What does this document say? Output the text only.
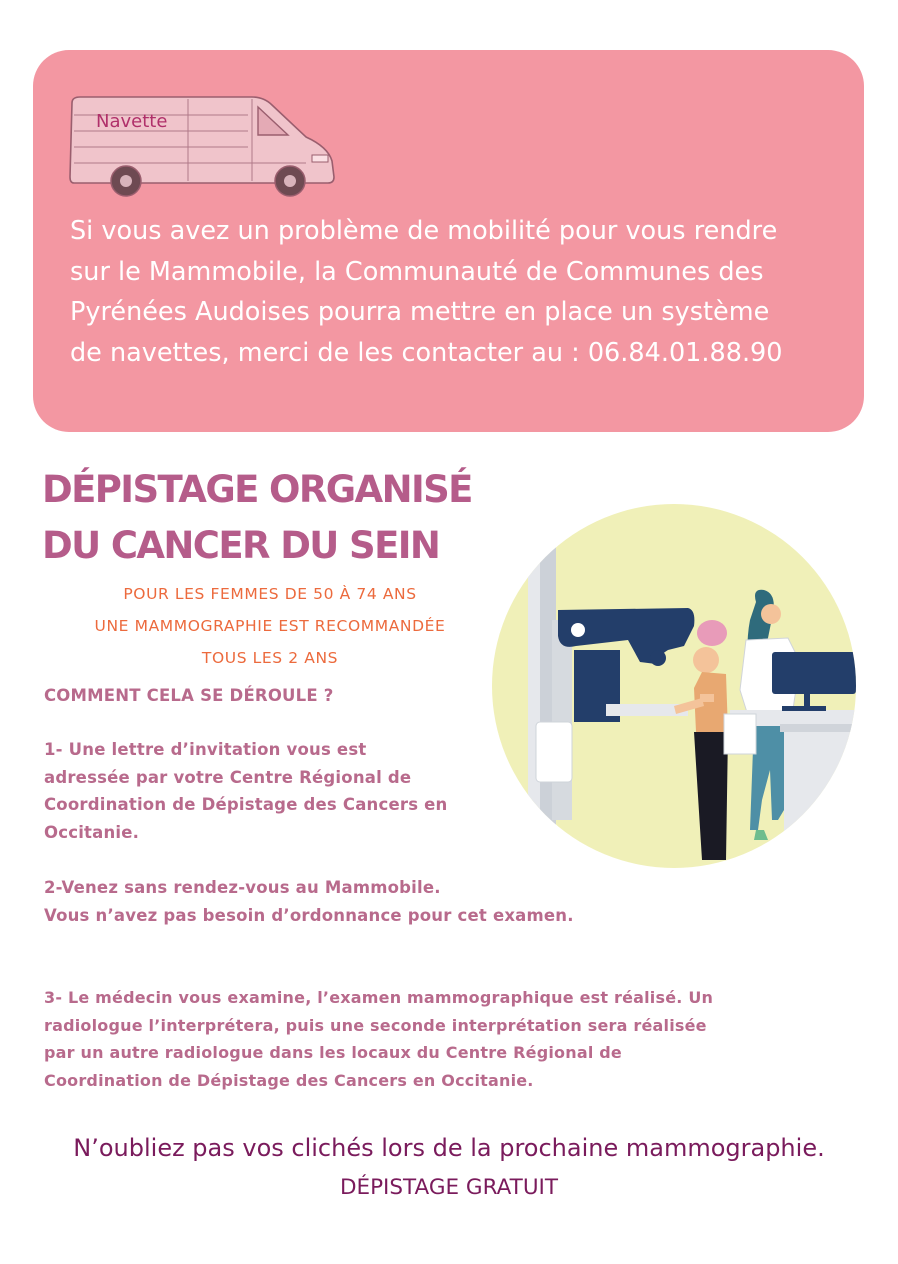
Navette
Si vous avez un problème de mobilité pour vous rendre
sur le Mammobile, la Communauté de Communes des
Pyrénées Audoises pourra mettre en place un système
de navettes, merci de les contacter au : 06.84.01.88.90
DÉPISTAGE ORGANISÉ
DU CANCER DU SEIN
POUR LES FEMMES DE 50 À 74 ANS
UNE MAMMOGRAPHIE EST RECOMMANDÉE
TOUS LES 2 ANS

COMMENT CELA SE DÉROULE ?

1- Une lettre d’invitation vous est
adressée par votre Centre Régional de
Coordination de Dépistage des Cancers en
Occitanie.

2-Venez sans rendez-vous au Mammobile.
Vous n’avez pas besoin d’ordonnance pour cet examen.

3- Le médecin vous examine, l’examen mammographique est réalisé. Un
radiologue l’interprétera, puis une seconde interprétation sera réalisée
par un autre radiologue dans les locaux du Centre Régional de
Coordination de Dépistage des Cancers en Occitanie.

N’oubliez pas vos clichés lors de la prochaine mammographie.
DÉPISTAGE GRATUIT
